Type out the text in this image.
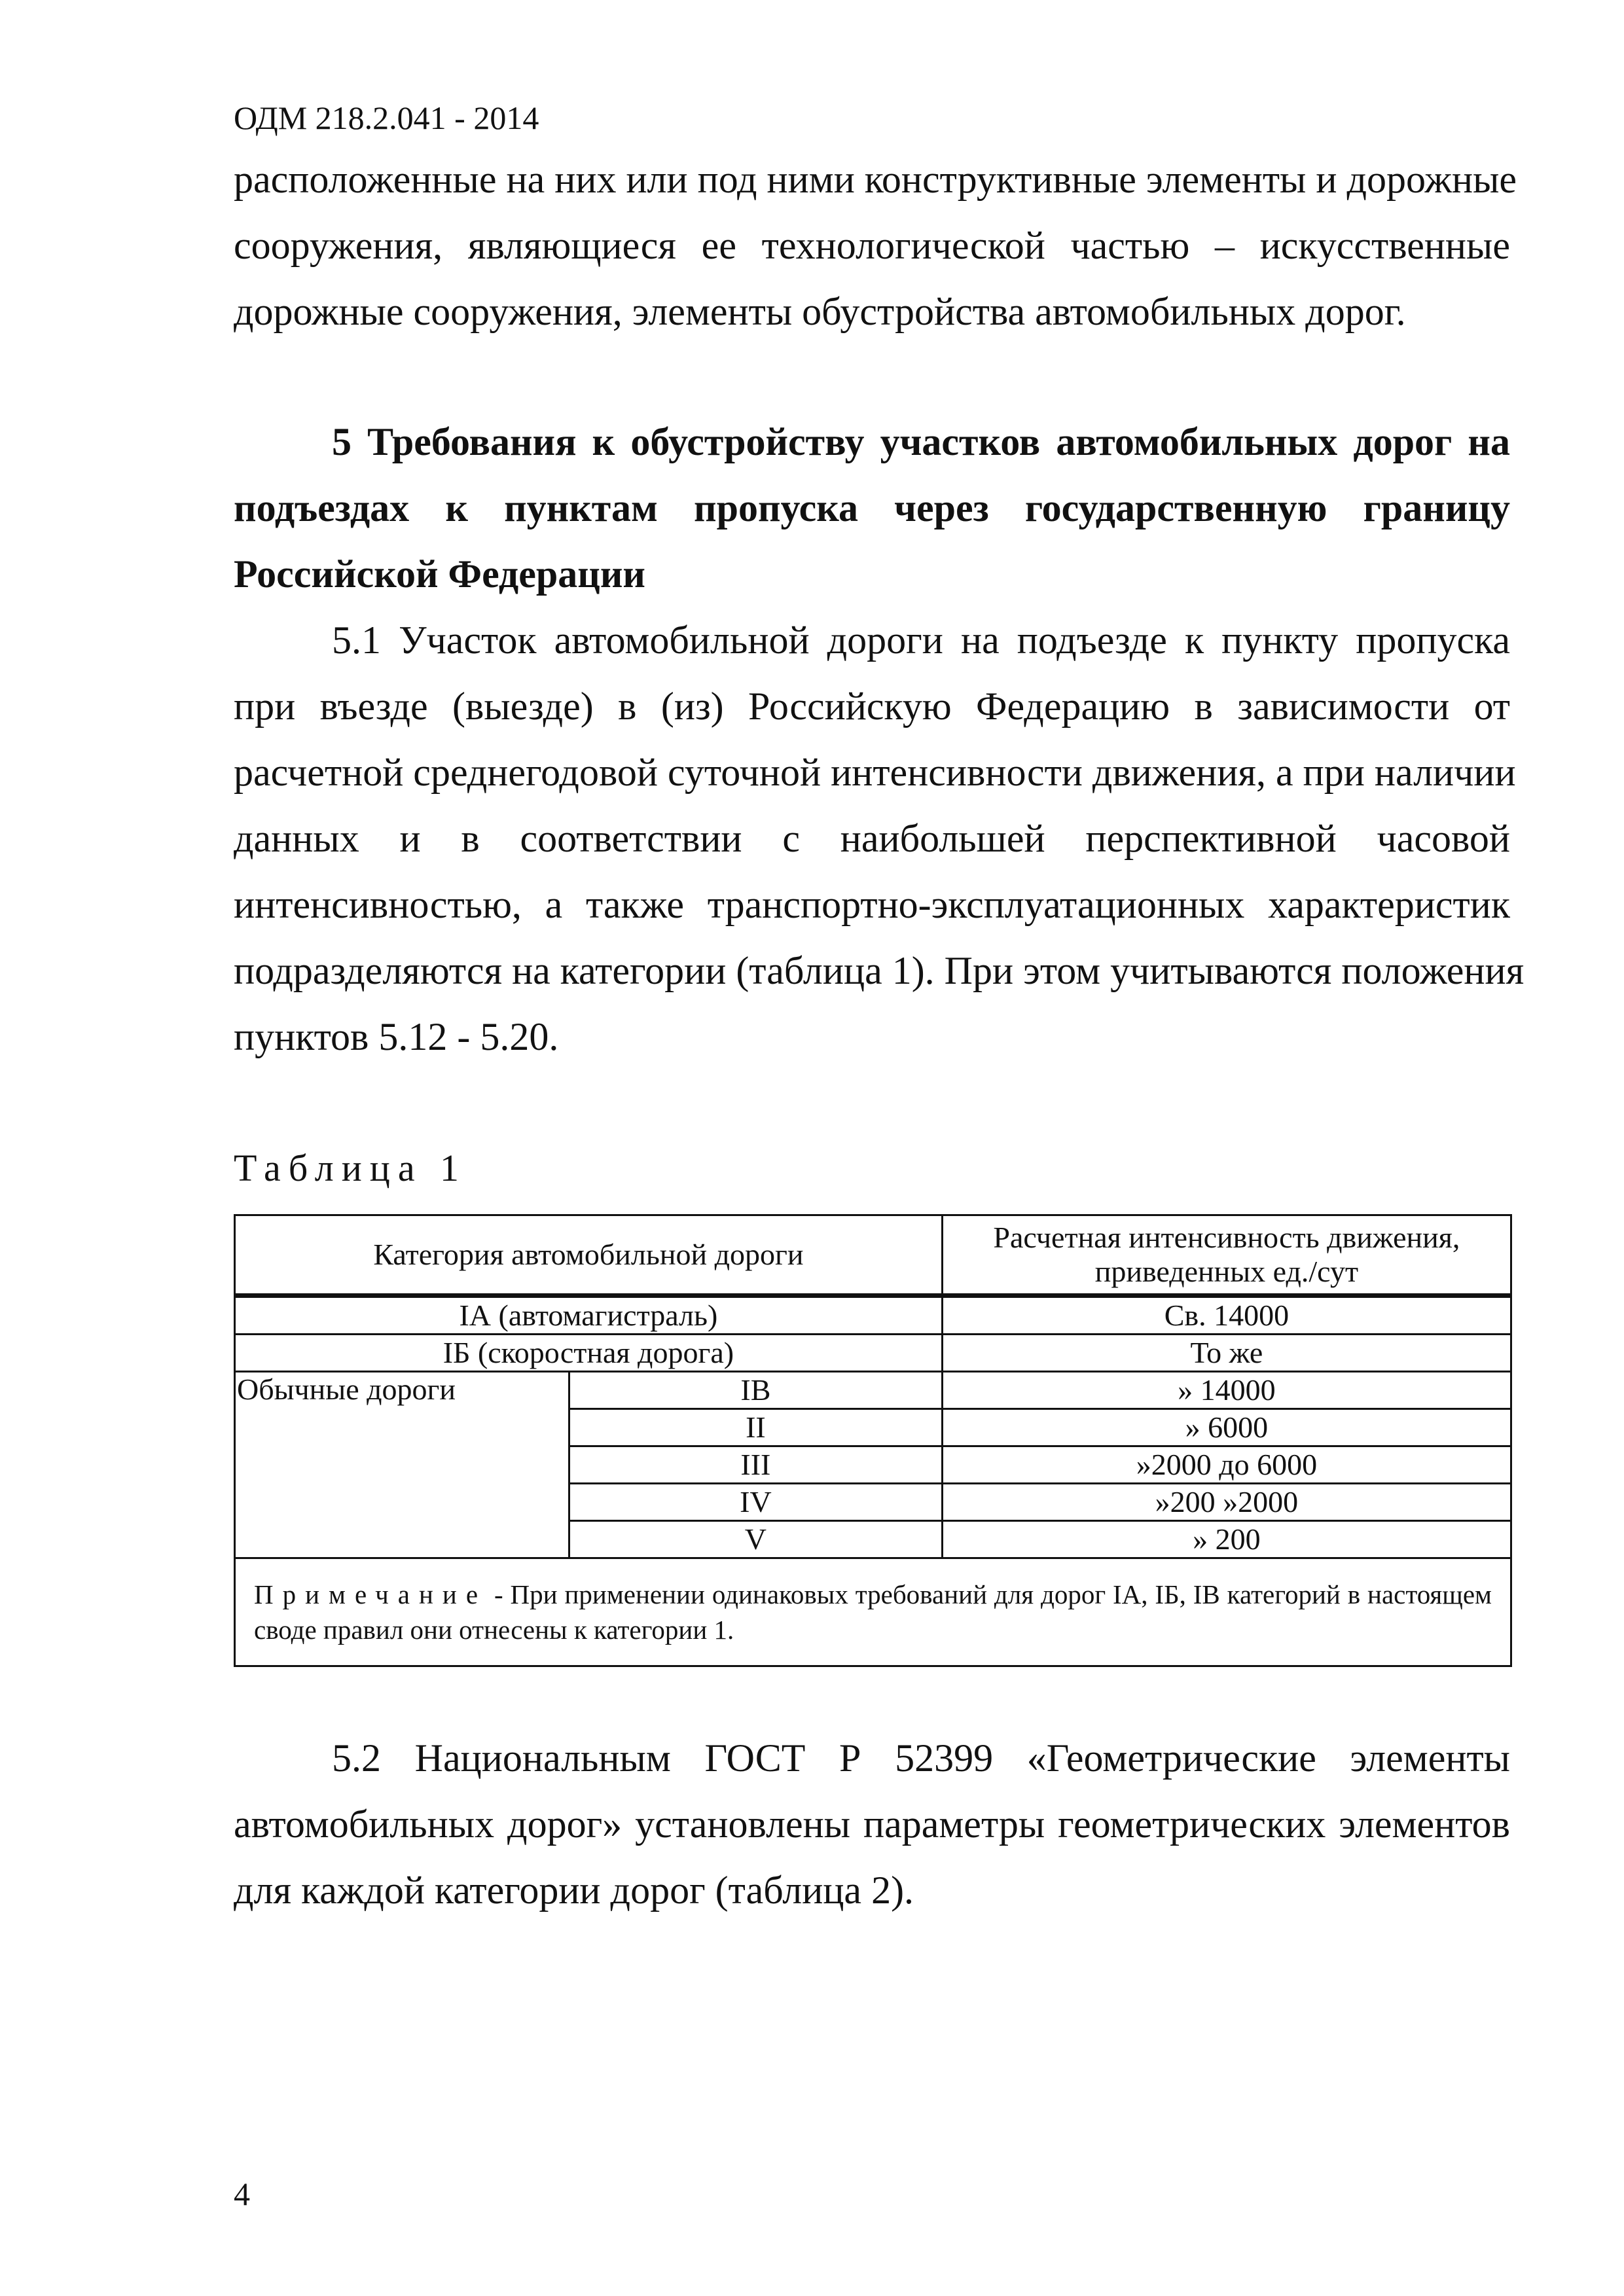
ОДМ 218.2.041 - 2014
расположенные на них или под ними конструктивные элементы и дорожные
сооружения, являющиеся ее технологической частью – искусственные
дорожные сооружения, элементы обустройства автомобильных дорог.
5 Требования к обустройству участков автомобильных дорог на
подъездах к пунктам пропуска через государственную границу
Российской Федерации
5.1 Участок автомобильной дороги на подъезде к пункту пропуска
при въезде (выезде) в (из) Российскую Федерацию в зависимости от
расчетной среднегодовой суточной интенсивности движения, а при наличии
данных и в соответствии с наибольшей перспективной часовой
интенсивностью, а также транспортно-эксплуатационных характеристик
подразделяются на категории (таблица 1). При этом учитываются положения
пунктов 5.12 - 5.20.
Таблица 1
Категория автомобильной дороги		Расчетная интенсивность движения,
приведенных ед./сут
IА (автомагистраль)		Св. 14000
IБ (скоростная дорога)		То же
Обычные дороги	IВ	» 14000
	II	» 6000
	III	»2000 до 6000
	IV	»200 »2000
	V	» 200
Примечание - При применении одинаковых требований для дорог IА, IБ, IВ категорий в настоящем своде правил они отнесены к категории 1.		
5.2 Национальным ГОСТ Р 52399 «Геометрические элементы
автомобильных дорог» установлены параметры геометрических элементов
для каждой категории дорог (таблица 2).
4
